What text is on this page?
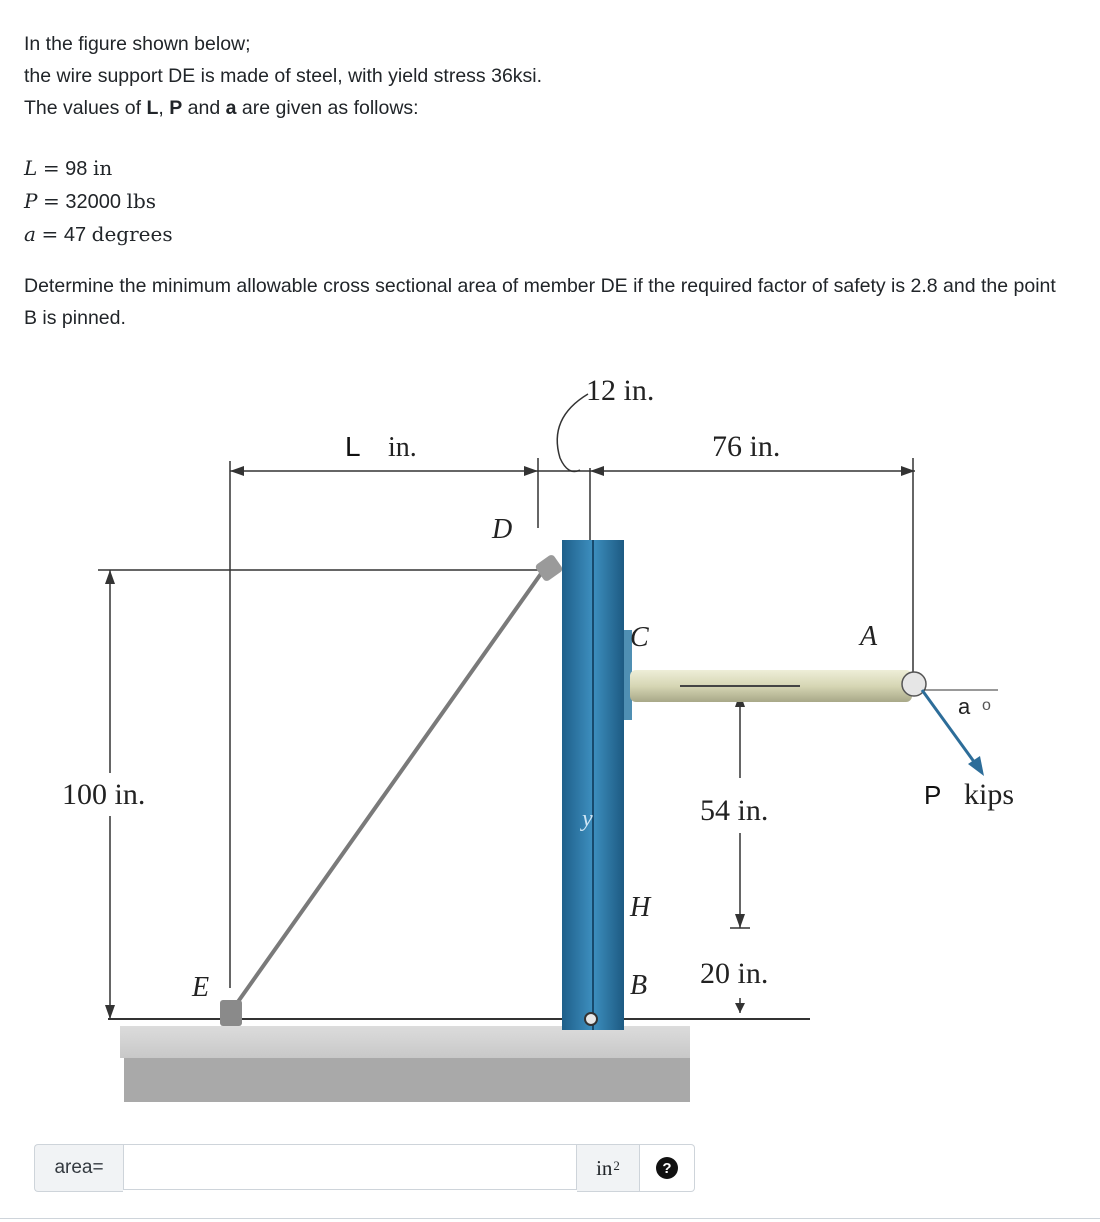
In the figure shown below;

the wire support DE is made of steel, with yield stress 36ksi.

The values of L, P and a are given as follows:

L = 98 in
P = 32000 lbs
a = 47 degrees
Determine the minimum allowable cross sectional area of member DE if the required factor of safety is 2.8 and the point B is pinned.
12 in.
L in.	76 in.
100 in.	54 in.
20 in.
D
C	A
E
H
B
y
a o
P kips
area=	$in^2$	?
